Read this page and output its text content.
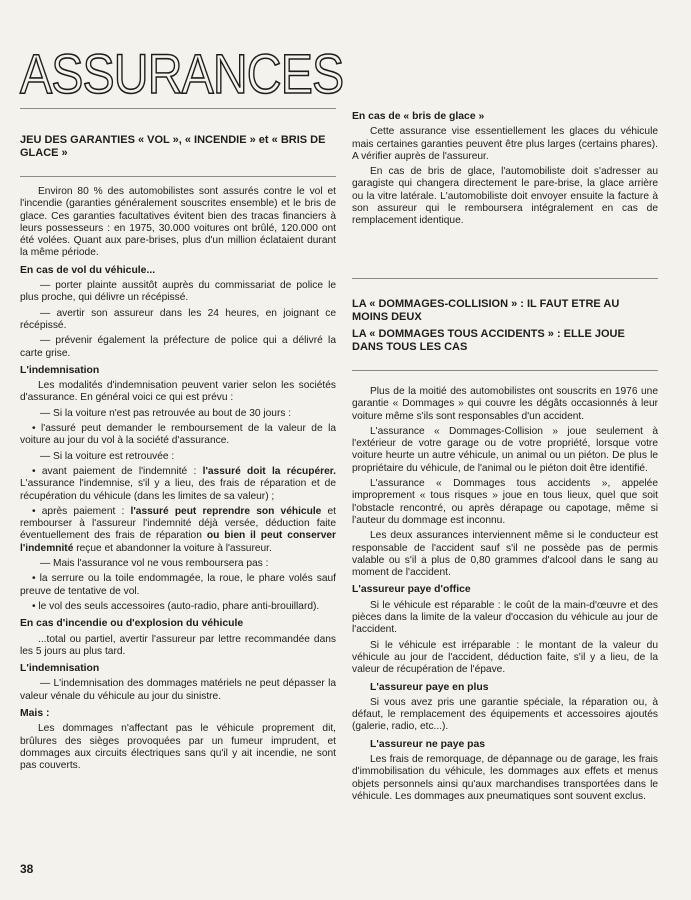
ASSURANCES
JEU DES GARANTIES « VOL », « INCENDIE » et « BRIS DE GLACE »

Environ 80 % des automobilistes sont assurés contre le vol et l'incendie (garanties généralement souscrites ensemble) et le bris de glace. Ces garanties facultatives évitent bien des tracas financiers à leurs possesseurs : en 1975, 30.000 voitures ont brûlé, 120.000 ont été volées. Quant aux pare-brises, plus d'un million éclataient durant la même période.

En cas de vol du véhicule...

— porter plainte aussitôt auprès du commissariat de police le plus proche, qui délivre un récépissé.

— avertir son assureur dans les 24 heures, en joignant ce récépissé.

— prévenir également la préfecture de police qui a délivré la carte grise.

L'indemnisation

Les modalités d'indemnisation peuvent varier selon les sociétés d'assurance. En général voici ce qui est prévu :

— Si la voiture n'est pas retrouvée au bout de 30 jours :

• l'assuré peut demander le remboursement de la valeur de la voiture au jour du vol à la société d'assurance.

— Si la voiture est retrouvée :

• avant paiement de l'indemnité : l'assuré doit la récupérer. L'assurance l'indemnise, s'il y a lieu, des frais de réparation et de récupération du véhicule (dans les limites de sa valeur) ;

• après paiement : l'assuré peut reprendre son véhicule et rembourser à l'assureur l'indemnité déjà versée, déduction faite éventuellement des frais de réparation ou bien il peut conserver l'indemnité reçue et abandonner la voiture à l'assureur.

— Mais l'assurance vol ne vous remboursera pas :

• la serrure ou la toile endommagée, la roue, le phare volés sauf preuve de tentative de vol.

• le vol des seuls accessoires (auto-radio, phare anti-brouillard).

En cas d'incendie ou d'explosion du véhicule

...total ou partiel, avertir l'assureur par lettre recommandée dans les 5 jours au plus tard.

L'indemnisation

— L'indemnisation des dommages matériels ne peut dépasser la valeur vénale du véhicule au jour du sinistre.

Mais :

Les dommages n'affectant pas le véhicule proprement dit, brûlures des sièges provoquées par un fumeur imprudent, et dommages aux circuits électriques sans qu'il y ait incendie, ne sont pas couverts.

38
En cas de « bris de glace »

Cette assurance vise essentiellement les glaces du véhicule mais certaines garanties peuvent être plus larges (certains phares). A vérifier auprès de l'assureur.

En cas de bris de glace, l'automobiliste doit s'adresser au garagiste qui changera directement le pare-brise, la glace arrière ou la vitre latérale. L'automobiliste doit envoyer ensuite la facture à son assureur qui le remboursera intégralement en cas de remplacement identique.

LA « DOMMAGES-COLLISION » : IL FAUT ETRE AU MOINS DEUX
LA « DOMMAGES TOUS ACCIDENTS » : ELLE JOUE DANS TOUS LES CAS

Plus de la moitié des automobilistes ont souscrits en 1976 une garantie « Dommages » qui couvre les dégâts occasionnés à leur voiture même s'ils sont responsables d'un accident.

L'assurance « Dommages-Collision » joue seulement à l'extérieur de votre garage ou de votre propriété, lorsque votre voiture heurte un autre véhicule, un animal ou un piéton. De plus le propriétaire du véhicule, de l'animal ou le piéton doit être identifié.

L'assurance « Dommages tous accidents », appelée improprement « tous risques » joue en tous lieux, quel que soit l'obstacle rencontré, ou après dérapage ou capotage, même si l'auteur du dommage est inconnu.

Les deux assurances interviennent même si le conducteur est responsable de l'accident sauf s'il ne possède pas de permis valable ou s'il a plus de 0,80 grammes d'alcool dans le sang au moment de l'accident.

L'assureur paye d'office

Si le véhicule est réparable : le coût de la main-d'œuvre et des pièces dans la limite de la valeur d'occasion du véhicule au jour de l'accident.

Si le véhicule est irréparable : le montant de la valeur du véhicule au jour de l'accident, déduction faite, s'il y a lieu, de la valeur de récupération de l'épave.

L'assureur paye en plus

Si vous avez pris une garantie spéciale, la réparation ou, à défaut, le remplacement des équipements et accessoires ajoutés (galerie, radio, etc...).

L'assureur ne paye pas

Les frais de remorquage, de dépannage ou de garage, les frais d'immobilisation du véhicule, les dommages aux effets et menus objets personnels ainsi qu'aux marchandises transportées dans le véhicule. Les dommages aux pneumatiques sont souvent exclus.
